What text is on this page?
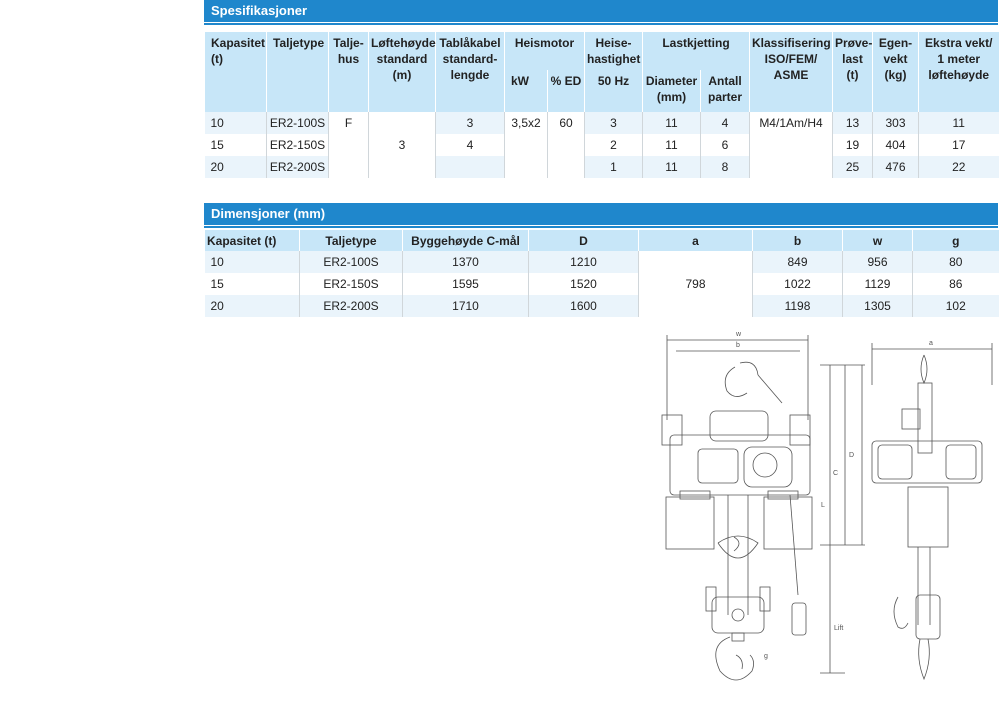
Spesifikasjoner
Kapasitet (t)	Taljetype	Talje-hus	Løftehøyde standard (m)	Tablåkabel standard-lengde	Heismotor		Heise-hastighet	Lastkjetting		Klassifisering ISO/FEM/ ASME	Prøve-last (t)	Egen-vekt (kg)	Ekstra vekt/ 1 meter løftehøyde
					kW	% ED	50 Hz	Diameter (mm)	Antall parter				
10	ER2-100S	F	3	3	3,5x2	60	3	11	4	M4/1Am/H4	13	303	11
15	ER2-150S			4			2	11	6		19	404	17
20	ER2-200S						1	11	8		25	476	22
Dimensjoner (mm)
Kapasitet (t)	Taljetype	Byggehøyde C-mål	D	a	b	w	g
10	ER2-100S	1370	1210	798	849	956	80
15	ER2-150S	1595	1520		1022	1129	86
20	ER2-200S	1710	1600		1198	1305	102
w
b
C
D
L
Lift
g
a
